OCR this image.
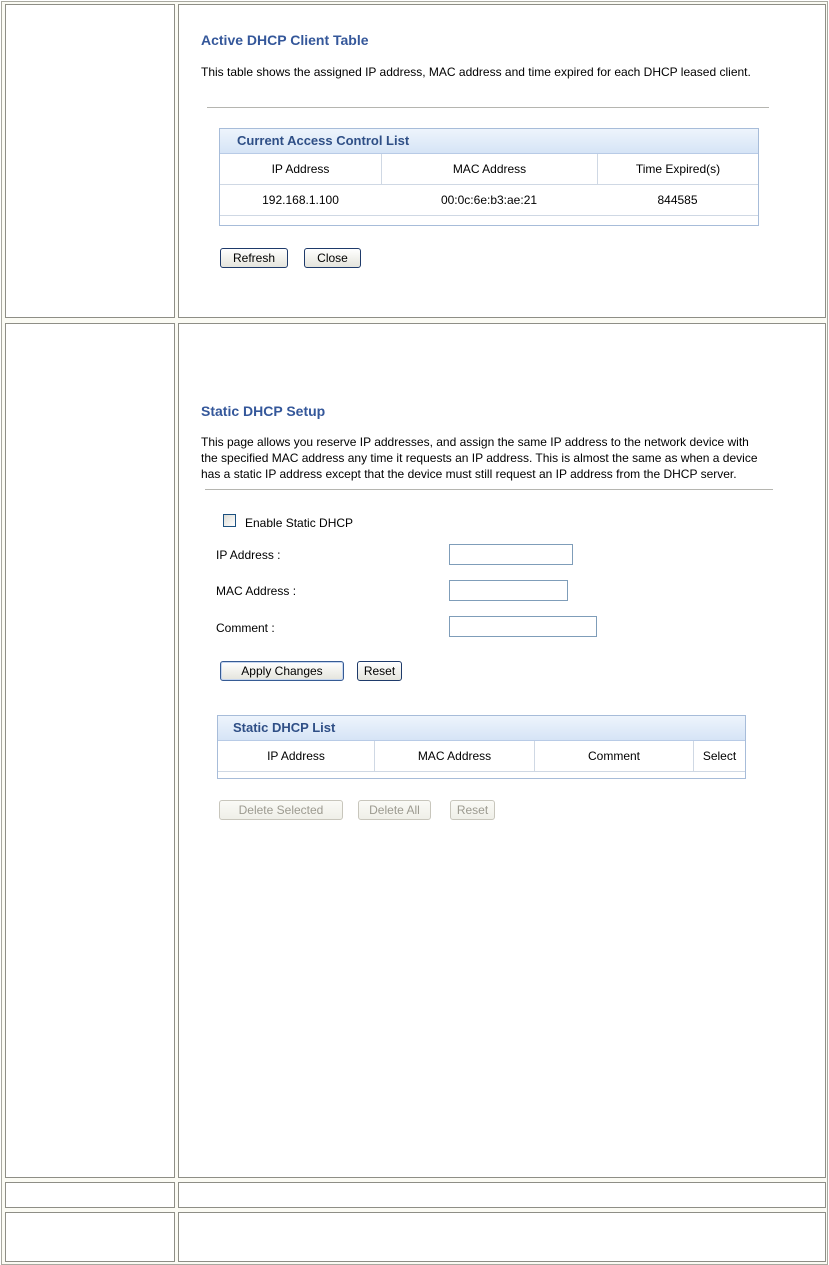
Active DHCP Client Table
This table shows the assigned IP address, MAC address and time expired for each DHCP leased client.
Current Access Control List
IP Address	MAC Address	Time Expired(s)
192.168.1.100	00:0c:6e:b3:ae:21	844585
Refresh	Close
Static DHCP Setup
This page allows you reserve IP addresses, and assign the same IP address to the network device with
the specified MAC address any time it requests an IP address. This is almost the same as when a device
has a static IP address except that the device must still request an IP address from the DHCP server.
Enable Static DHCP
IP Address :
MAC Address :
Comment :
Apply Changes	Reset
Static DHCP List
IP Address	MAC Address	Comment	Select
Delete Selected	Delete All	Reset
